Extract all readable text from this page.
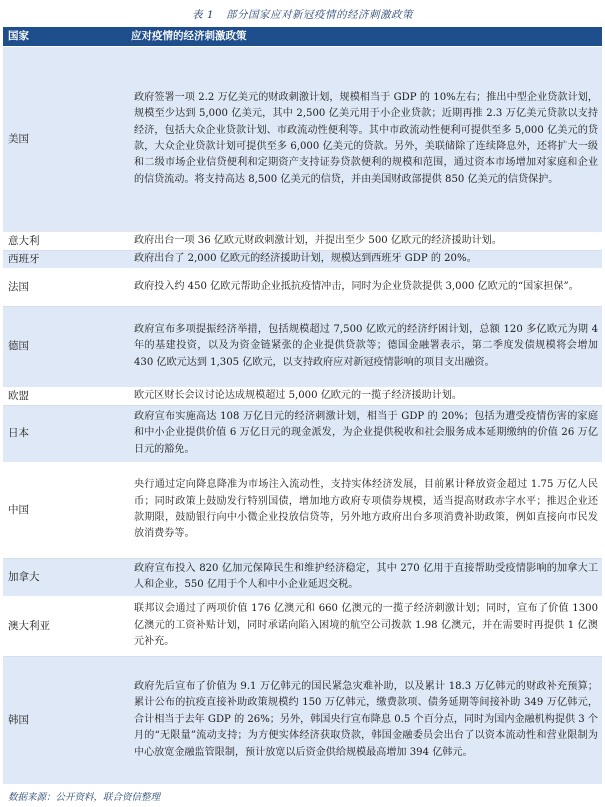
表 1 部分国家应对新冠疫情的经济刺激政策
国家	应对疫情的经济刺激政策
美国	政府签署一项 2.2 万亿美元的财政刺激计划，规模相当于 GDP 的 10%左右；推出中型企业贷款计划，规模至少达到 5,000 亿美元，其中 2,500 亿美元用于小企业贷款；近期再推 2.3 万亿美元贷款以支持经济，包括大众企业贷款计划、市政流动性便利等。其中市政流动性便利可提供至多 5,000 亿美元的贷款，大众企业贷款计划可提供至多 6,000 亿美元的贷款。另外，美联储除了连续降息外，还将扩大一级和二级市场企业信贷便利和定期资产支持证券贷款便利的规模和范围，通过资本市场增加对家庭和企业的信贷流动。将支持高达 8,500 亿美元的信贷，并由美国财政部提供 850 亿美元的信贷保护。
意大利	政府出台一项 36 亿欧元财政刺激计划，并提出至少 500 亿欧元的经济援助计划。
西班牙	政府出台了 2,000 亿欧元的经济援助计划，规模达到西班牙 GDP 的 20%。
法国	政府投入约 450 亿欧元帮助企业抵抗疫情冲击，同时为企业贷款提供 3,000 亿欧元的“国家担保”。
德国	政府宣布多项提振经济举措，包括规模超过 7,500 亿欧元的经济纾困计划，总额 120 多亿欧元为期 4 年的基建投资，以及为资金链紧张的企业提供贷款等；德国金融署表示，第二季度发债规模将会增加 430 亿欧元达到 1,305 亿欧元，以支持政府应对新冠疫情影响的项目支出融资。
欧盟	欧元区财长会议讨论达成规模超过 5,000 亿欧元的一揽子经济援助计划。
日本	政府宣布实施高达 108 万亿日元的经济刺激计划，相当于 GDP 的 20%；包括为遭受疫情伤害的家庭和中小企业提供价值 6 万亿日元的现金派发，为企业提供税收和社会服务成本延期缴纳的价值 26 万亿日元的豁免。
中国	央行通过定向降息降准为市场注入流动性，支持实体经济发展，目前累计释放资金超过 1.75 万亿人民币；同时政策上鼓励发行特别国债，增加地方政府专项债券规模，适当提高财政赤字水平；推迟企业还款期限，鼓励银行向中小微企业投放信贷等，另外地方政府出台多项消费补助政策，例如直接向市民发放消费券等。
加拿大	政府宣布投入 820 亿加元保障民生和维护经济稳定，其中 270 亿用于直接帮助受疫情影响的加拿大工人和企业，550 亿用于个人和中小企业延迟交税。
澳大利亚	联邦议会通过了两项价值 176 亿澳元和 660 亿澳元的一揽子经济刺激计划；同时，宣布了价值 1300 亿澳元的工资补贴计划，同时承诺向陷入困境的航空公司拨款 1.98 亿澳元，并在需要时再提供 1 亿澳元补充。
韩国	政府先后宣布了价值为 9.1 万亿韩元的国民紧急灾难补助，以及累计 18.3 万亿韩元的财政补充预算；累计公布的抗疫直接补助政策规模约 150 万亿韩元，缴费款项、债务延期等间接补助 349 万亿韩元，合计相当于去年 GDP 的 26%；另外，韩国央行宣布降息 0.5 个百分点，同时为国内金融机构提供 3 个月的“无限量”流动支持；为方便实体经济获取贷款，韩国金融委员会出台了以资本流动性和营业限制为中心放宽金融监管限制，预计放宽以后资金供给规模最高增加 394 亿韩元。
数据来源：公开资料，联合资信整理
